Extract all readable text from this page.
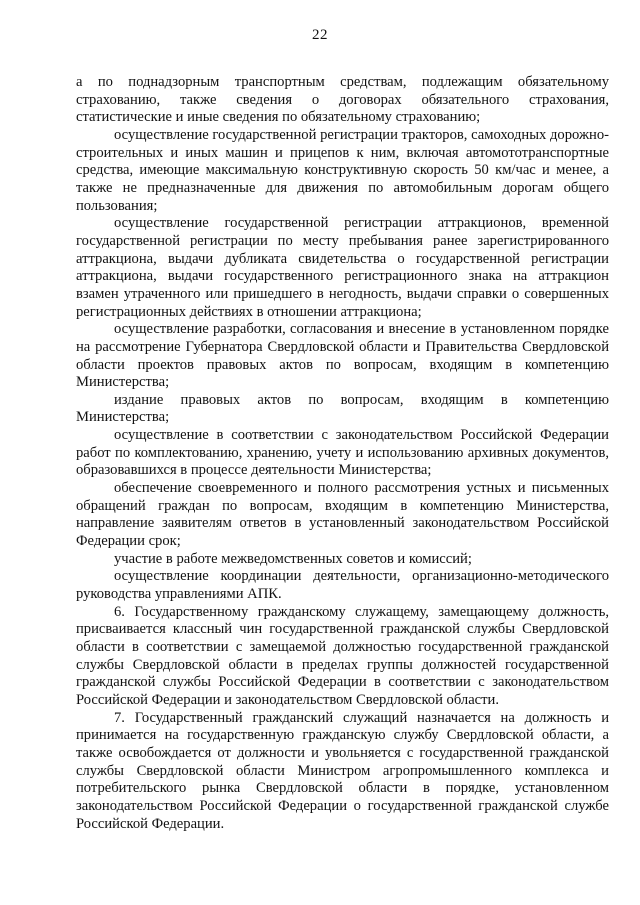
22

а по поднадзорным транспортным средствам, подлежащим обязательному страхованию, также сведения о договорах обязательного страхования, статистические и иные сведения по обязательному страхованию;

осуществление государственной регистрации тракторов, самоходных дорожно-строительных и иных машин и прицепов к ним, включая автомототранспортные средства, имеющие максимальную конструктивную скорость 50 км/час и менее, а также не предназначенные для движения по автомобильным дорогам общего пользования;

осуществление государственной регистрации аттракционов, временной государственной регистрации по месту пребывания ранее зарегистрированного аттракциона, выдачи дубликата свидетельства о государственной регистрации аттракциона, выдачи государственного регистрационного знака на аттракцион взамен утраченного или пришедшего в негодность, выдачи справки о совершенных регистрационных действиях в отношении аттракциона;

осуществление разработки, согласования и внесение в установленном порядке на рассмотрение Губернатора Свердловской области и Правительства Свердловской области проектов правовых актов по вопросам, входящим в компетенцию Министерства;

издание правовых актов по вопросам, входящим в компетенцию Министерства;

осуществление в соответствии с законодательством Российской Федерации работ по комплектованию, хранению, учету и использованию архивных документов, образовавшихся в процессе деятельности Министерства;

обеспечение своевременного и полного рассмотрения устных и письменных обращений граждан по вопросам, входящим в компетенцию Министерства, направление заявителям ответов в установленный законодательством Российской Федерации срок;

участие в работе межведомственных советов и комиссий;

осуществление координации деятельности, организационно-методического руководства управлениями АПК.

6. Государственному гражданскому служащему, замещающему должность, присваивается классный чин государственной гражданской службы Свердловской области в соответствии с замещаемой должностью государственной гражданской службы Свердловской области в пределах группы должностей государственной гражданской службы Российской Федерации в соответствии с законодательством Российской Федерации и законодательством Свердловской области.

7. Государственный гражданский служащий назначается на должность и принимается на государственную гражданскую службу Свердловской области, а также освобождается от должности и увольняется с государственной гражданской службы Свердловской области Министром агропромышленного комплекса и потребительского рынка Свердловской области в порядке, установленном законодательством Российской Федерации о государственной гражданской службе Российской Федерации.
